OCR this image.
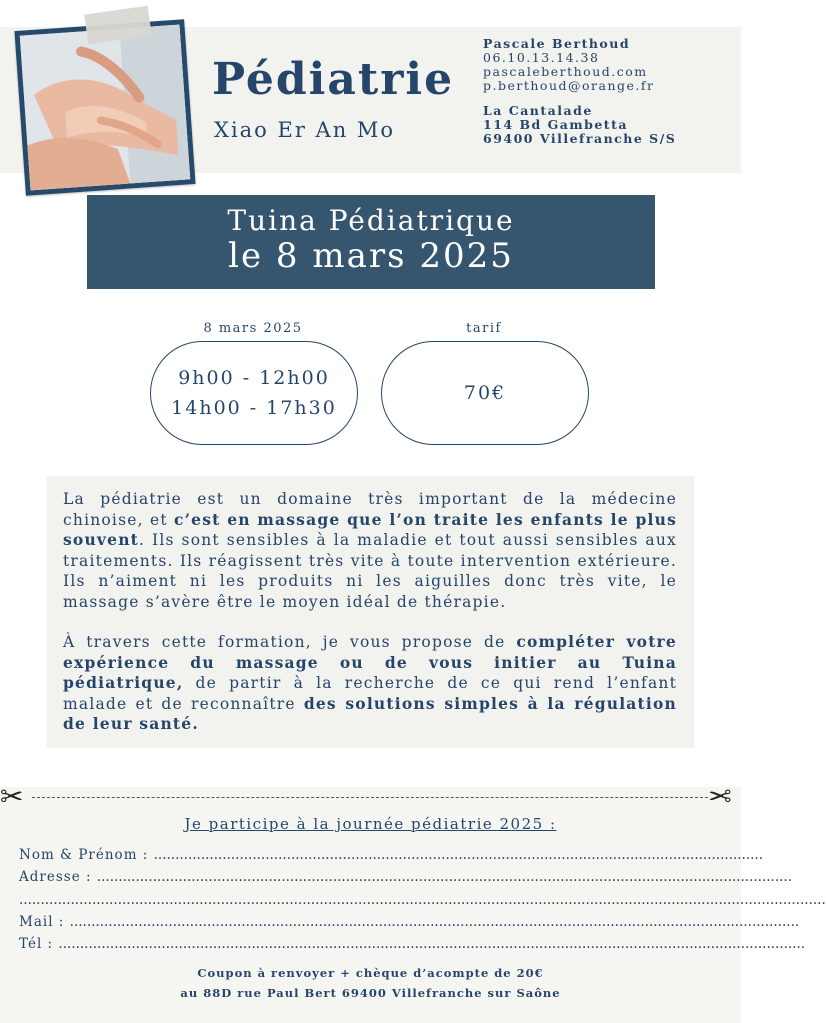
Pédiatrie
Xiao Er An Mo
Pascale Berthoud
06.10.13.14.38
pascaleberthoud.com
p.berthoud@orange.fr
La Cantalade
114 Bd Gambetta
69400 Villefranche S/S
Tuina Pédiatrique
le 8 mars 2025
8 mars 2025	tarif
9h00 - 12h00
14h00 - 17h30
70€

La pédiatrie est un domaine très important de la médecine chinoise, et c’est en massage que l’on traite les enfants le plus souvent. Ils sont sensibles à la maladie et tout aussi sensibles aux traitements. Ils réagissent très vite à toute intervention extérieure. Ils n’aiment ni les produits ni les aiguilles donc très vite, le massage s’avère être le moyen idéal de thérapie.

À travers cette formation, je vous propose de compléter votre expérience du massage ou de vous initier au Tuina pédiatrique, de partir à la recherche de ce qui rend l’enfant malade et de reconnaître des solutions simples à la régulation de leur santé.

✂	✂
Je participe à la journée pédiatrie 2025 :
Nom & Prénom : ..............................................................................................................................................
Adresse : ..................................................................................................................................................................
............................................................................................................................................................................................
Mail : ..........................................................................................................................................................................
Tél : ..............................................................................................................................................................................
Coupon à renvoyer + chèque d’acompte de 20€
au 88D rue Paul Bert 69400 Villefranche sur Saône
